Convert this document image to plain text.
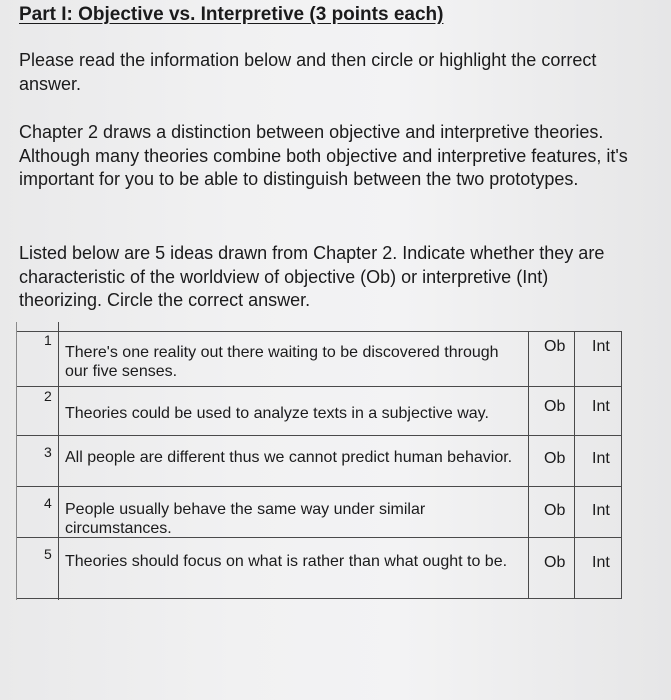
Part I: Objective vs. Interpretive (3 points each)

Please read the information below and then circle or highlight the correct answer.

Chapter 2 draws a distinction between objective and interpretive theories. Although many theories combine both objective and interpretive features, it's important for you to be able to distinguish between the two prototypes.

Listed below are 5 ideas drawn from Chapter 2. Indicate whether they are characteristic of the worldview of objective (Ob) or interpretive (Int) theorizing. Circle the correct answer.

1
There's one reality out there waiting to be discovered through our five senses.
Ob Int
2
Theories could be used to analyze texts in a subjective way.	Ob Int
3 All people are different thus we cannot predict human behavior. Ob Int
4 People usually behave the same way under similar circumstances.
Ob Int
5 Theories should focus on what is rather than what ought to be.	Ob Int
